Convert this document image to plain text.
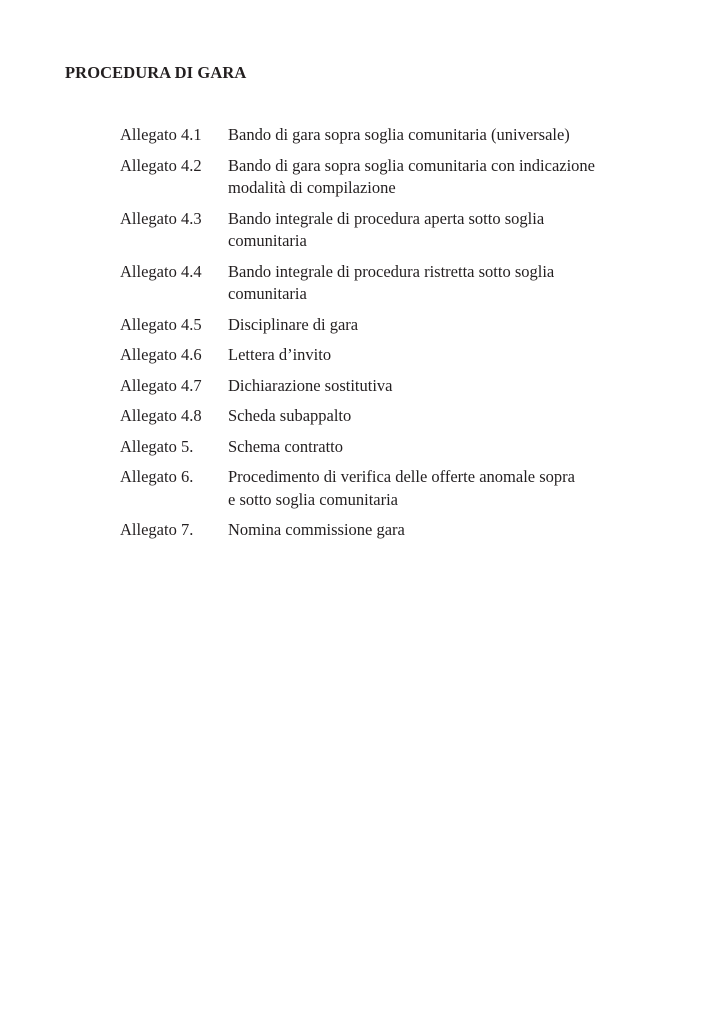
PROCEDURA DI GARA
Allegato 4.1	Bando di gara sopra soglia comunitaria (universale)
Allegato 4.2	Bando di gara sopra soglia comunitaria con indicazione
modalità di compilazione
Allegato 4.3	Bando integrale di procedura aperta sotto soglia
comunitaria
Allegato 4.4	Bando integrale di procedura ristretta sotto soglia
comunitaria
Allegato 4.5	Disciplinare di gara
Allegato 4.6	Lettera d’invito
Allegato 4.7	Dichiarazione sostitutiva
Allegato 4.8	Scheda subappalto
Allegato 5.	Schema contratto
Allegato 6.	Procedimento di verifica delle offerte anomale sopra
e sotto soglia comunitaria
Allegato 7.	Nomina commissione gara
